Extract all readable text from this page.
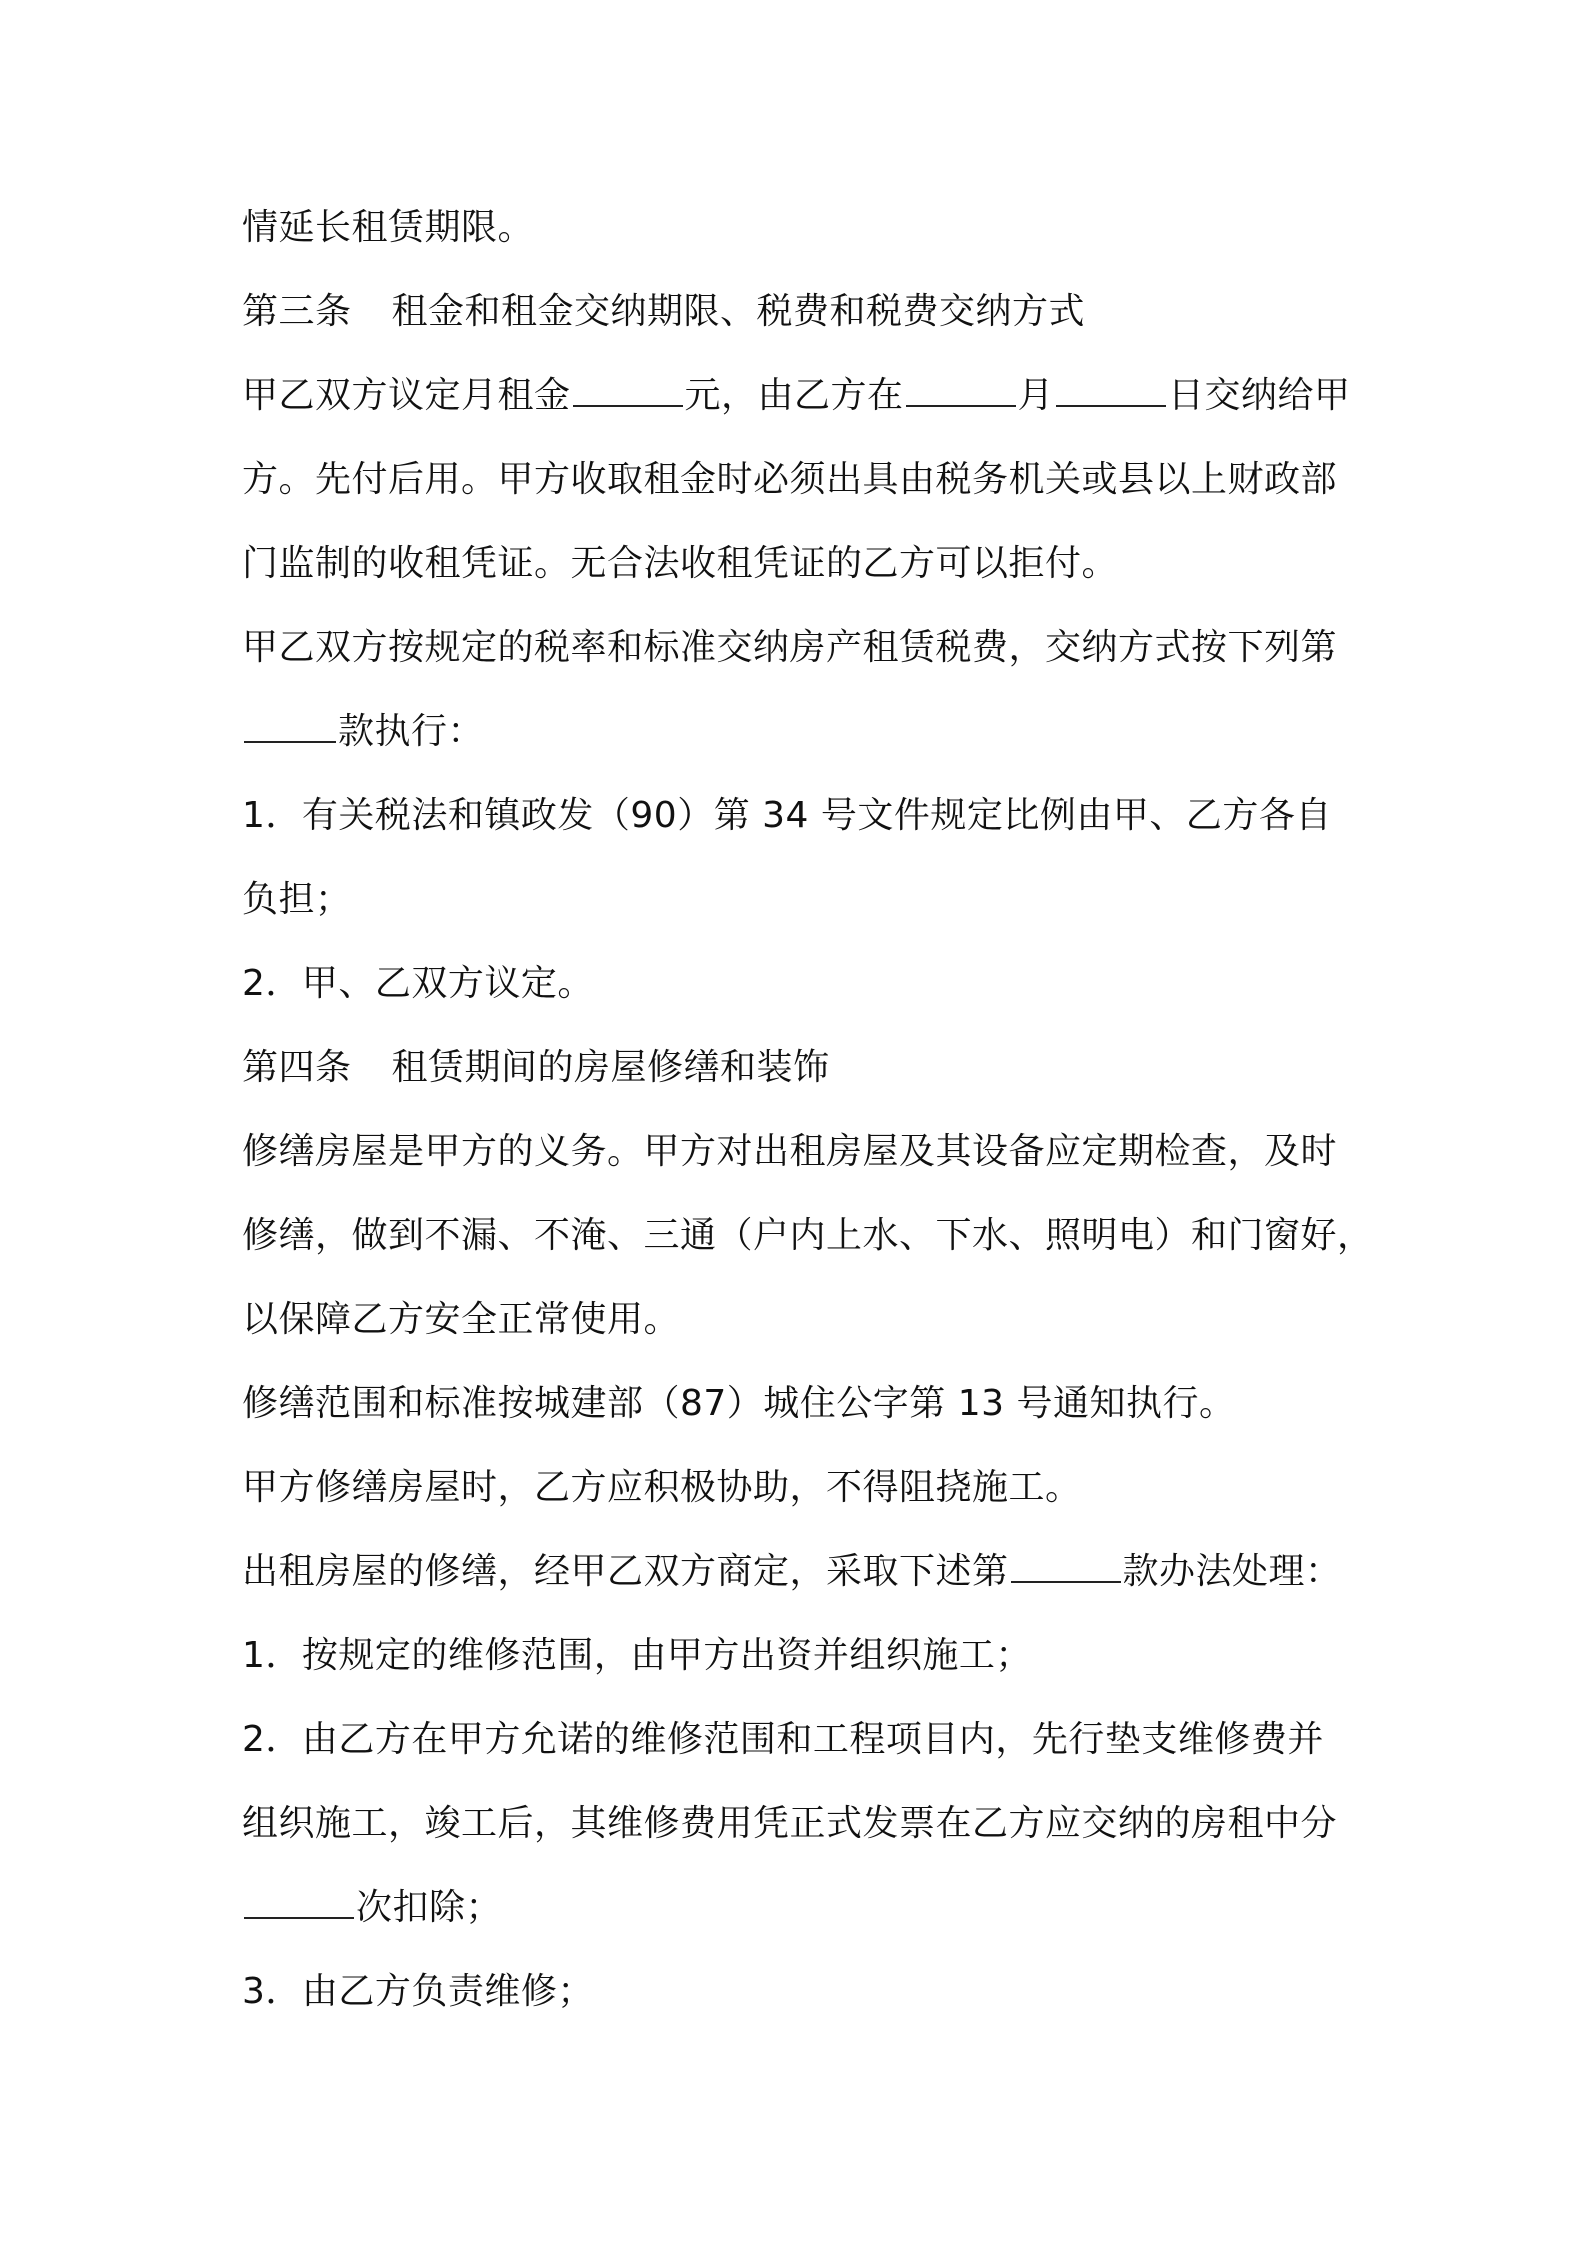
情延长租赁期限。
第三条 租金和租金交纳期限、税费和税费交纳方式
甲乙双方议定月租金	元，由乙方在	月	日交纳给甲
方。先付后用。甲方收取租金时必须出具由税务机关或县以上财政部
门监制的收租凭证。无合法收租凭证的乙方可以拒付。
甲乙双方按规定的税率和标准交纳房产租赁税费，交纳方式按下列第
款执行：
1．有关税法和镇政发（90）第 34 号文件规定比例由甲、乙方各自
负担；
2．甲、乙双方议定。
第四条 租赁期间的房屋修缮和装饰
修缮房屋是甲方的义务。甲方对出租房屋及其设备应定期检查，及时
修缮，做到不漏、不淹、三通（户内上水、下水、照明电）和门窗好，
以保障乙方安全正常使用。
修缮范围和标准按城建部（87）城住公字第 13 号通知执行。
甲方修缮房屋时，乙方应积极协助，不得阻挠施工。
出租房屋的修缮，经甲乙双方商定，采取下述第	款办法处理：
1．按规定的维修范围，由甲方出资并组织施工；
2．由乙方在甲方允诺的维修范围和工程项目内，先行垫支维修费并
组织施工，竣工后，其维修费用凭正式发票在乙方应交纳的房租中分
次扣除；
3．由乙方负责维修；
